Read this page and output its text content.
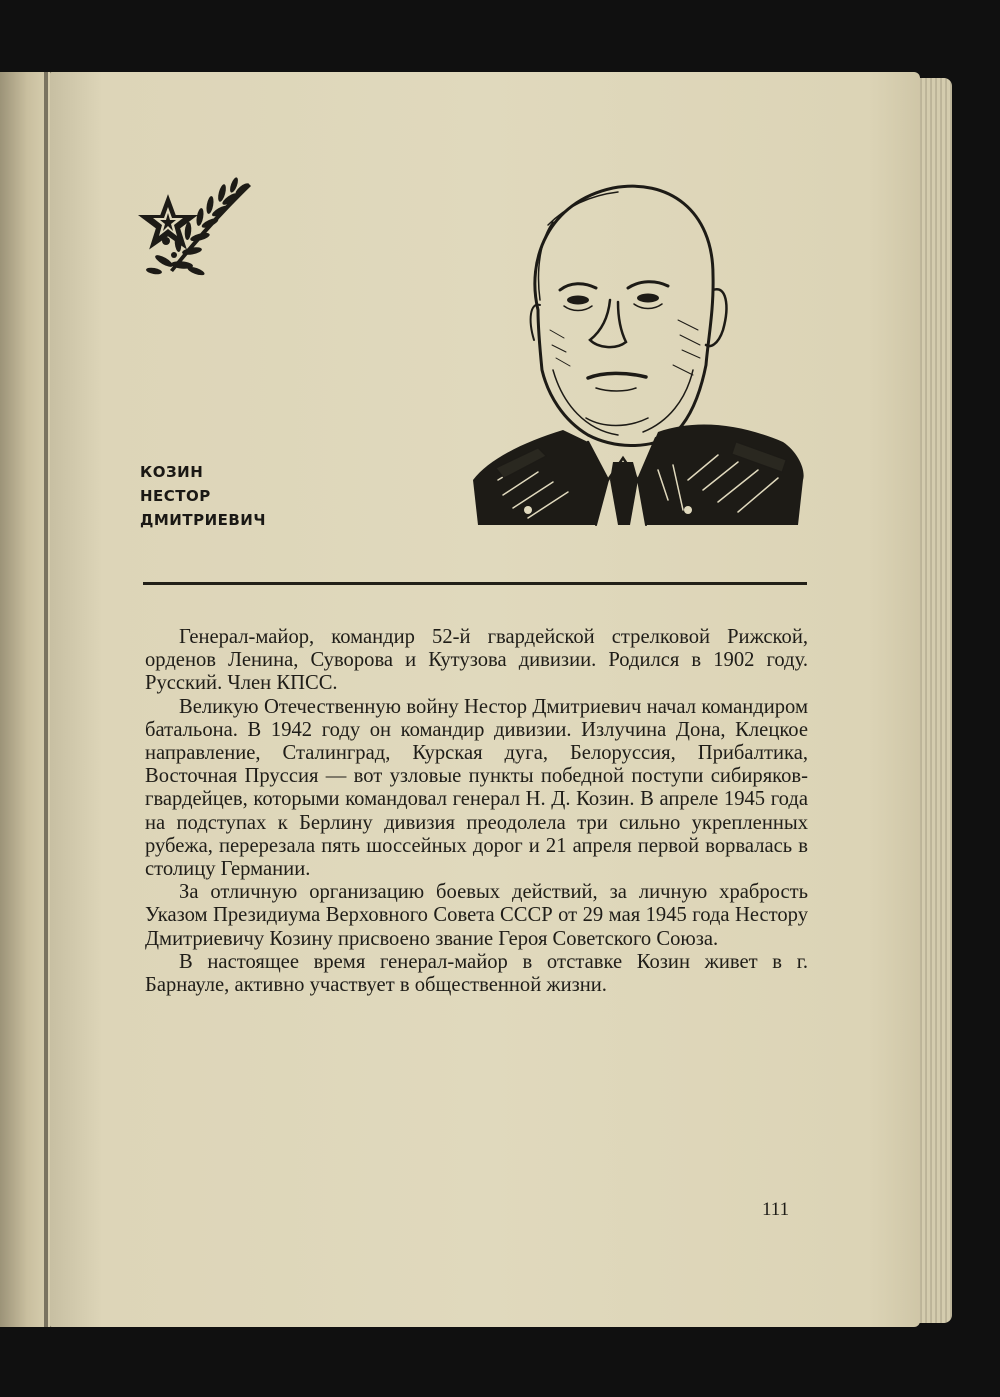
КОЗИН
НЕСТОР
ДМИТРИЕВИЧ

Генерал-майор, командир 52-й гвардейской стрелковой Рижской, орденов Ленина, Суворова и Кутузова дивизии. Родился в 1902 году. Русский. Член КПСС.

Великую Отечественную войну Нестор Дмитриевич начал командиром батальона. В 1942 году он командир дивизии. Излучина Дона, Клецкое направление, Сталинград, Курская дуга, Белоруссия, Прибалтика, Восточная Пруссия — вот узловые пункты победной поступи сибиряков-гвардейцев, которыми командовал генерал Н. Д. Козин. В апреле 1945 года на подступах к Берлину дивизия преодолела три сильно укрепленных рубежа, перерезала пять шоссейных дорог и 21 апреля первой ворвалась в столицу Германии.

За отличную организацию боевых действий, за личную храбрость Указом Президиума Верховного Совета СССР от 29 мая 1945 года Нестору Дмитриевичу Козину присвоено звание Героя Советского Союза.

В настоящее время генерал-майор в отставке Козин живет в г. Барнауле, активно участвует в общественной жизни.

111
